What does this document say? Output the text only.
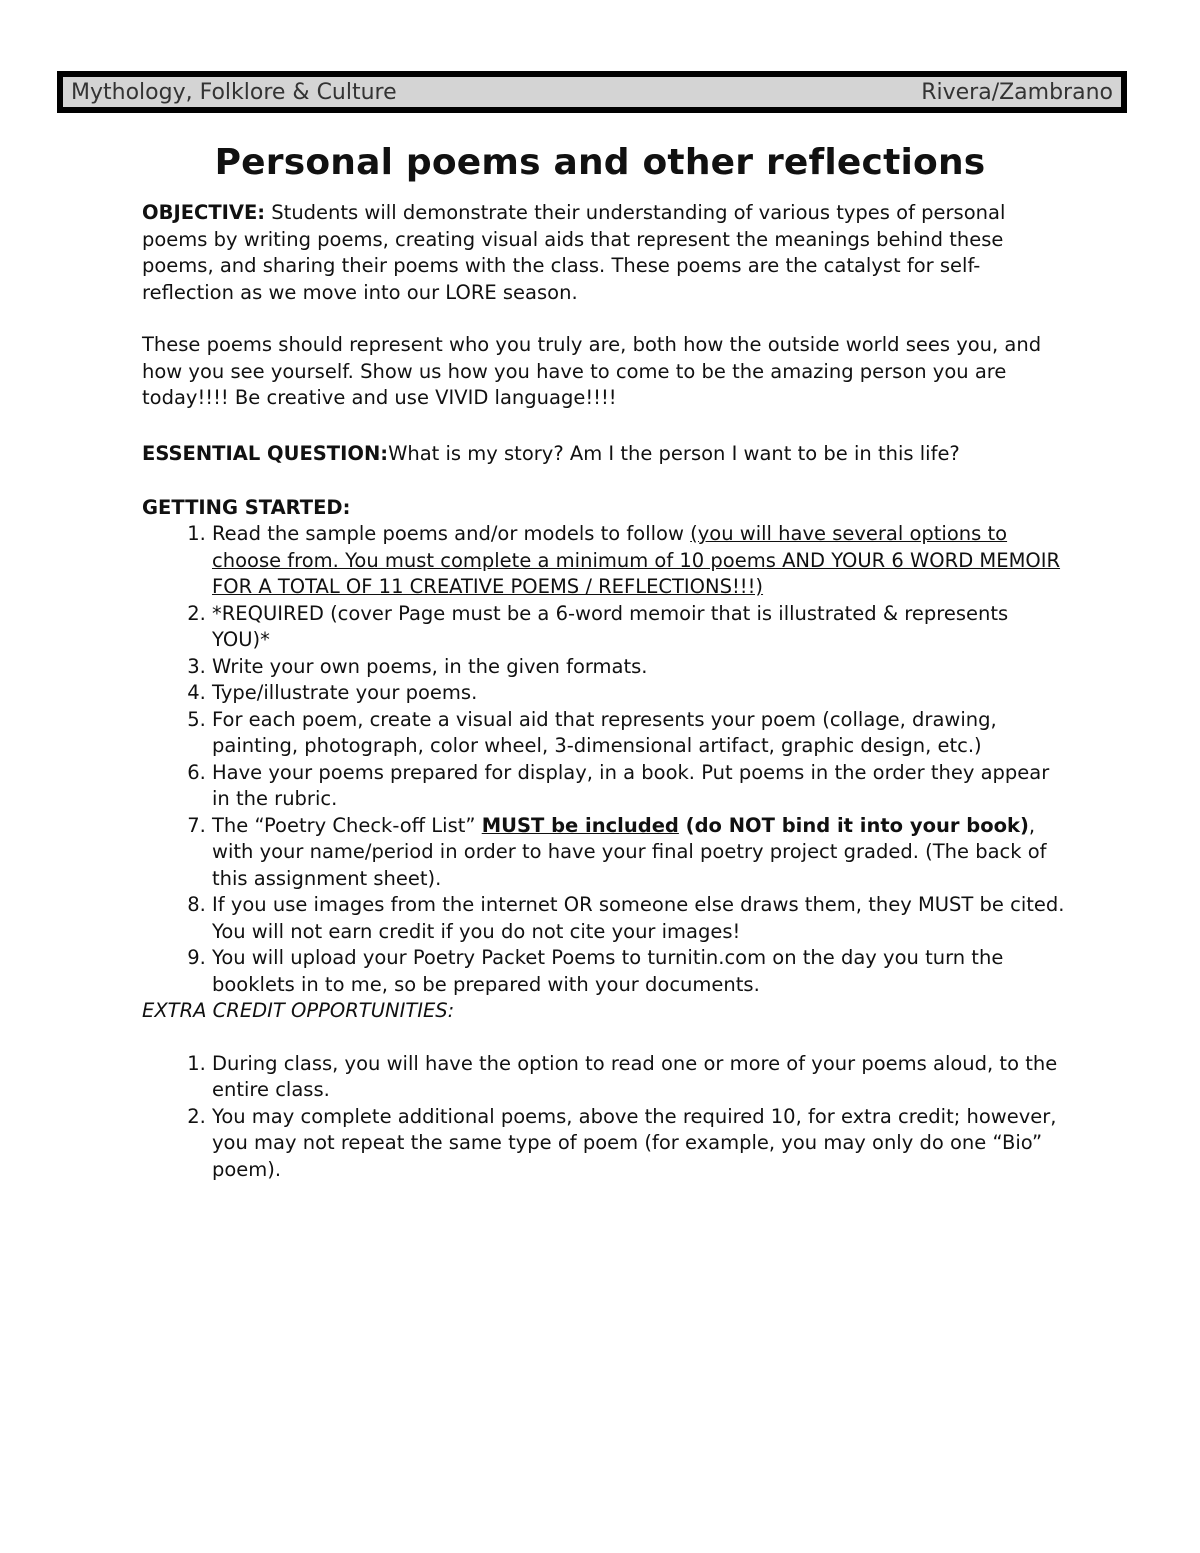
Mythology, Folklore & Culture	Rivera/Zambrano
Personal poems and other reflections

OBJECTIVE: Students will demonstrate their understanding of various types of personal poems by writing poems, creating visual aids that represent the meanings behind these poems, and sharing their poems with the class. These poems are the catalyst for self-reflection as we move into our LORE season.

These poems should represent who you truly are, both how the outside world sees you, and how you see yourself. Show us how you have to come to be the amazing person you are today!!!! Be creative and use VIVID language!!!!

ESSENTIAL QUESTION:What is my story? Am I the person I want to be in this life?
GETTING STARTED:
1. Read the sample poems and/or models to follow (you will have several options to choose from. You must complete a minimum of 10 poems AND YOUR 6 WORD MEMOIR FOR A TOTAL OF 11 CREATIVE POEMS / REFLECTIONS!!!)
2. *REQUIRED (cover Page must be a 6-word memoir that is illustrated & represents YOU)*
3. Write your own poems, in the given formats.
4. Type/illustrate your poems.
5. For each poem, create a visual aid that represents your poem (collage, drawing, painting, photograph, color wheel, 3-dimensional artifact, graphic design, etc.)
6. Have your poems prepared for display, in a book. Put poems in the order they appear in the rubric.
7. The “Poetry Check-off List” MUST be included (do NOT bind it into your book), with your name/period in order to have your final poetry project graded. (The back of this assignment sheet).
8. If you use images from the internet OR someone else draws them, they MUST be cited. You will not earn credit if you do not cite your images!
9. You will upload your Poetry Packet Poems to turnitin.com on the day you turn the booklets in to me, so be prepared with your documents.

EXTRA CREDIT OPPORTUNITIES:

1. During class, you will have the option to read one or more of your poems aloud, to the entire class.
2. You may complete additional poems, above the required 10, for extra credit; however, you may not repeat the same type of poem (for example, you may only do one “Bio” poem).
